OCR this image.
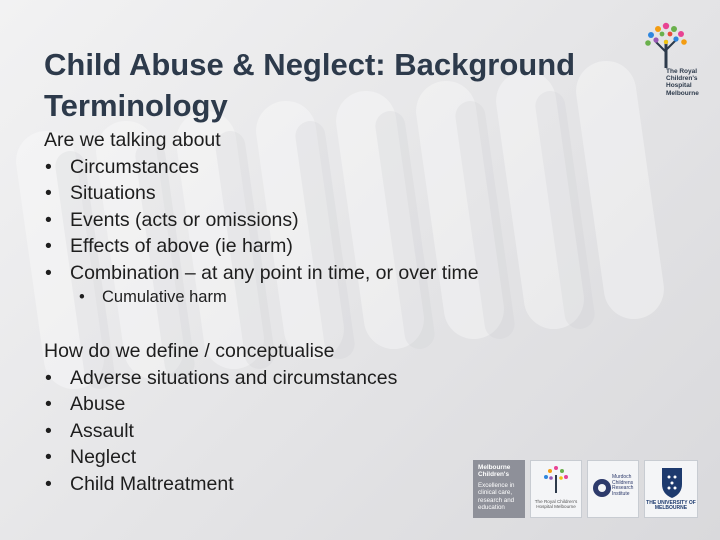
Child Abuse & Neglect: Background Terminology
The Royal
Children's
Hospital
Melbourne

Are we talking about

• Circumstances
• Situations
• Events (acts or omissions)
• Effects of above (ie harm)
• Combination – at any point in time, or over time
• Cumulative harm

How do we define / conceptualise

• Adverse situations and circumstances
• Abuse
• Assault
• Neglect
• Child Maltreatment
Melbourne Children's
Excellence in clinical care, research and education
The Royal Children's Hospital Melbourne
Murdoch Childrens Research Institute
THE UNIVERSITY OF MELBOURNE
